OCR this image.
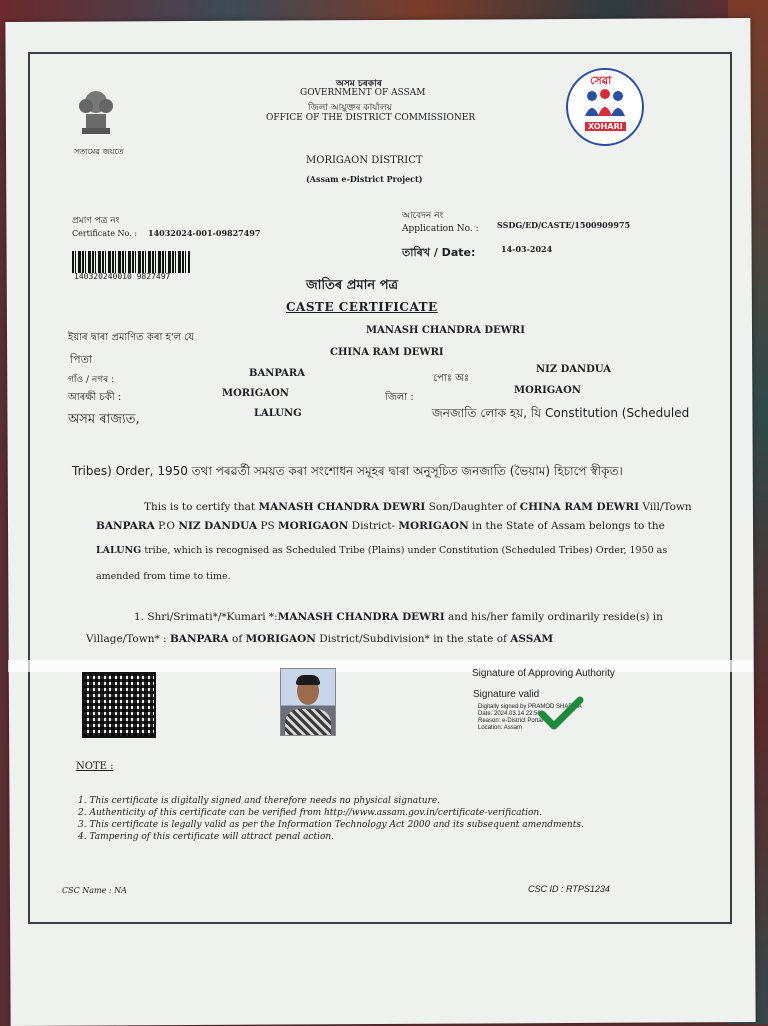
সত্যমেৱ জয়তে
অসম চৰকাৰ
GOVERNMENT OF ASSAM
জিলা আয়ুক্তৰ কাৰ্যালয়
OFFICE OF THE DISTRICT COMMISSIONER
সেৱা
XOHARI
MORIGAON DISTRICT
(Assam e-District Project)
প্ৰমাণ পত্ৰ নং
Certificate No. : 14032024-001-09827497
আবেদন নং
Application No. : SSDG/ED/CASTE/1500909975
তাৰিখ / Date:	14-03-2024
140320240010 9827497
জাতিৰ প্ৰমান পত্ৰ
CASTE CERTIFICATE
ইয়াৰ দ্বাৰা প্ৰমাণিত কৰা হ'ল যে
MANASH CHANDRA DEWRI
পিতা
CHINA RAM DEWRI
গাঁও / নগৰ :
BANPARA	পোঃ অঃ
NIZ DANDUA
আৰক্ষী চকী :	MORIGAON	জিলা :
MORIGAON
অসম ৰাজ্যত,	LALUNG	জনজাতি লোক হয়, যি Constitution (Scheduled
Tribes) Order, 1950 তথা পৰৱৰ্তী সময়ত কৰা সংশোধন সমূহৰ দ্বাৰা অনুসূচিত জনজাতি (ভৈয়াম) হিচাপে স্বীকৃত।
This is to certify that MANASH CHANDRA DEWRI Son/Daughter of CHINA RAM DEWRI Vill/Town
BANPARA P.O NIZ DANDUA PS MORIGAON District- MORIGAON in the State of Assam belongs to the
LALUNG tribe, which is recognised as Scheduled Tribe (Plains) under Constitution (Scheduled Tribes) Order, 1950 as
amended from time to time.
1. Shri/Srimati*/*Kumari *:MANASH CHANDRA DEWRI and his/her family ordinarily reside(s) in
Village/Town* : BANPARA of MORIGAON District/Subdivision* in the state of ASSAM
Signature of Approving Authority
Signature valid
Digitally signed by PRAMOD SHARMA
Date: 2024.03.14 22:56
Reason: e-District Portal
Location: Assam
NOTE :
1. This certificate is digitally signed and therefore needs no physical signature.
2. Authenticity of this certificate can be verified from http://www.assam.gov.in/certificate-verification.
3. This certificate is legally valid as per the Information Technology Act 2000 and its subsequent amendments.
4. Tampering of this certificate will attract penal action.
CSC Name : NA	CSC ID : RTPS1234
